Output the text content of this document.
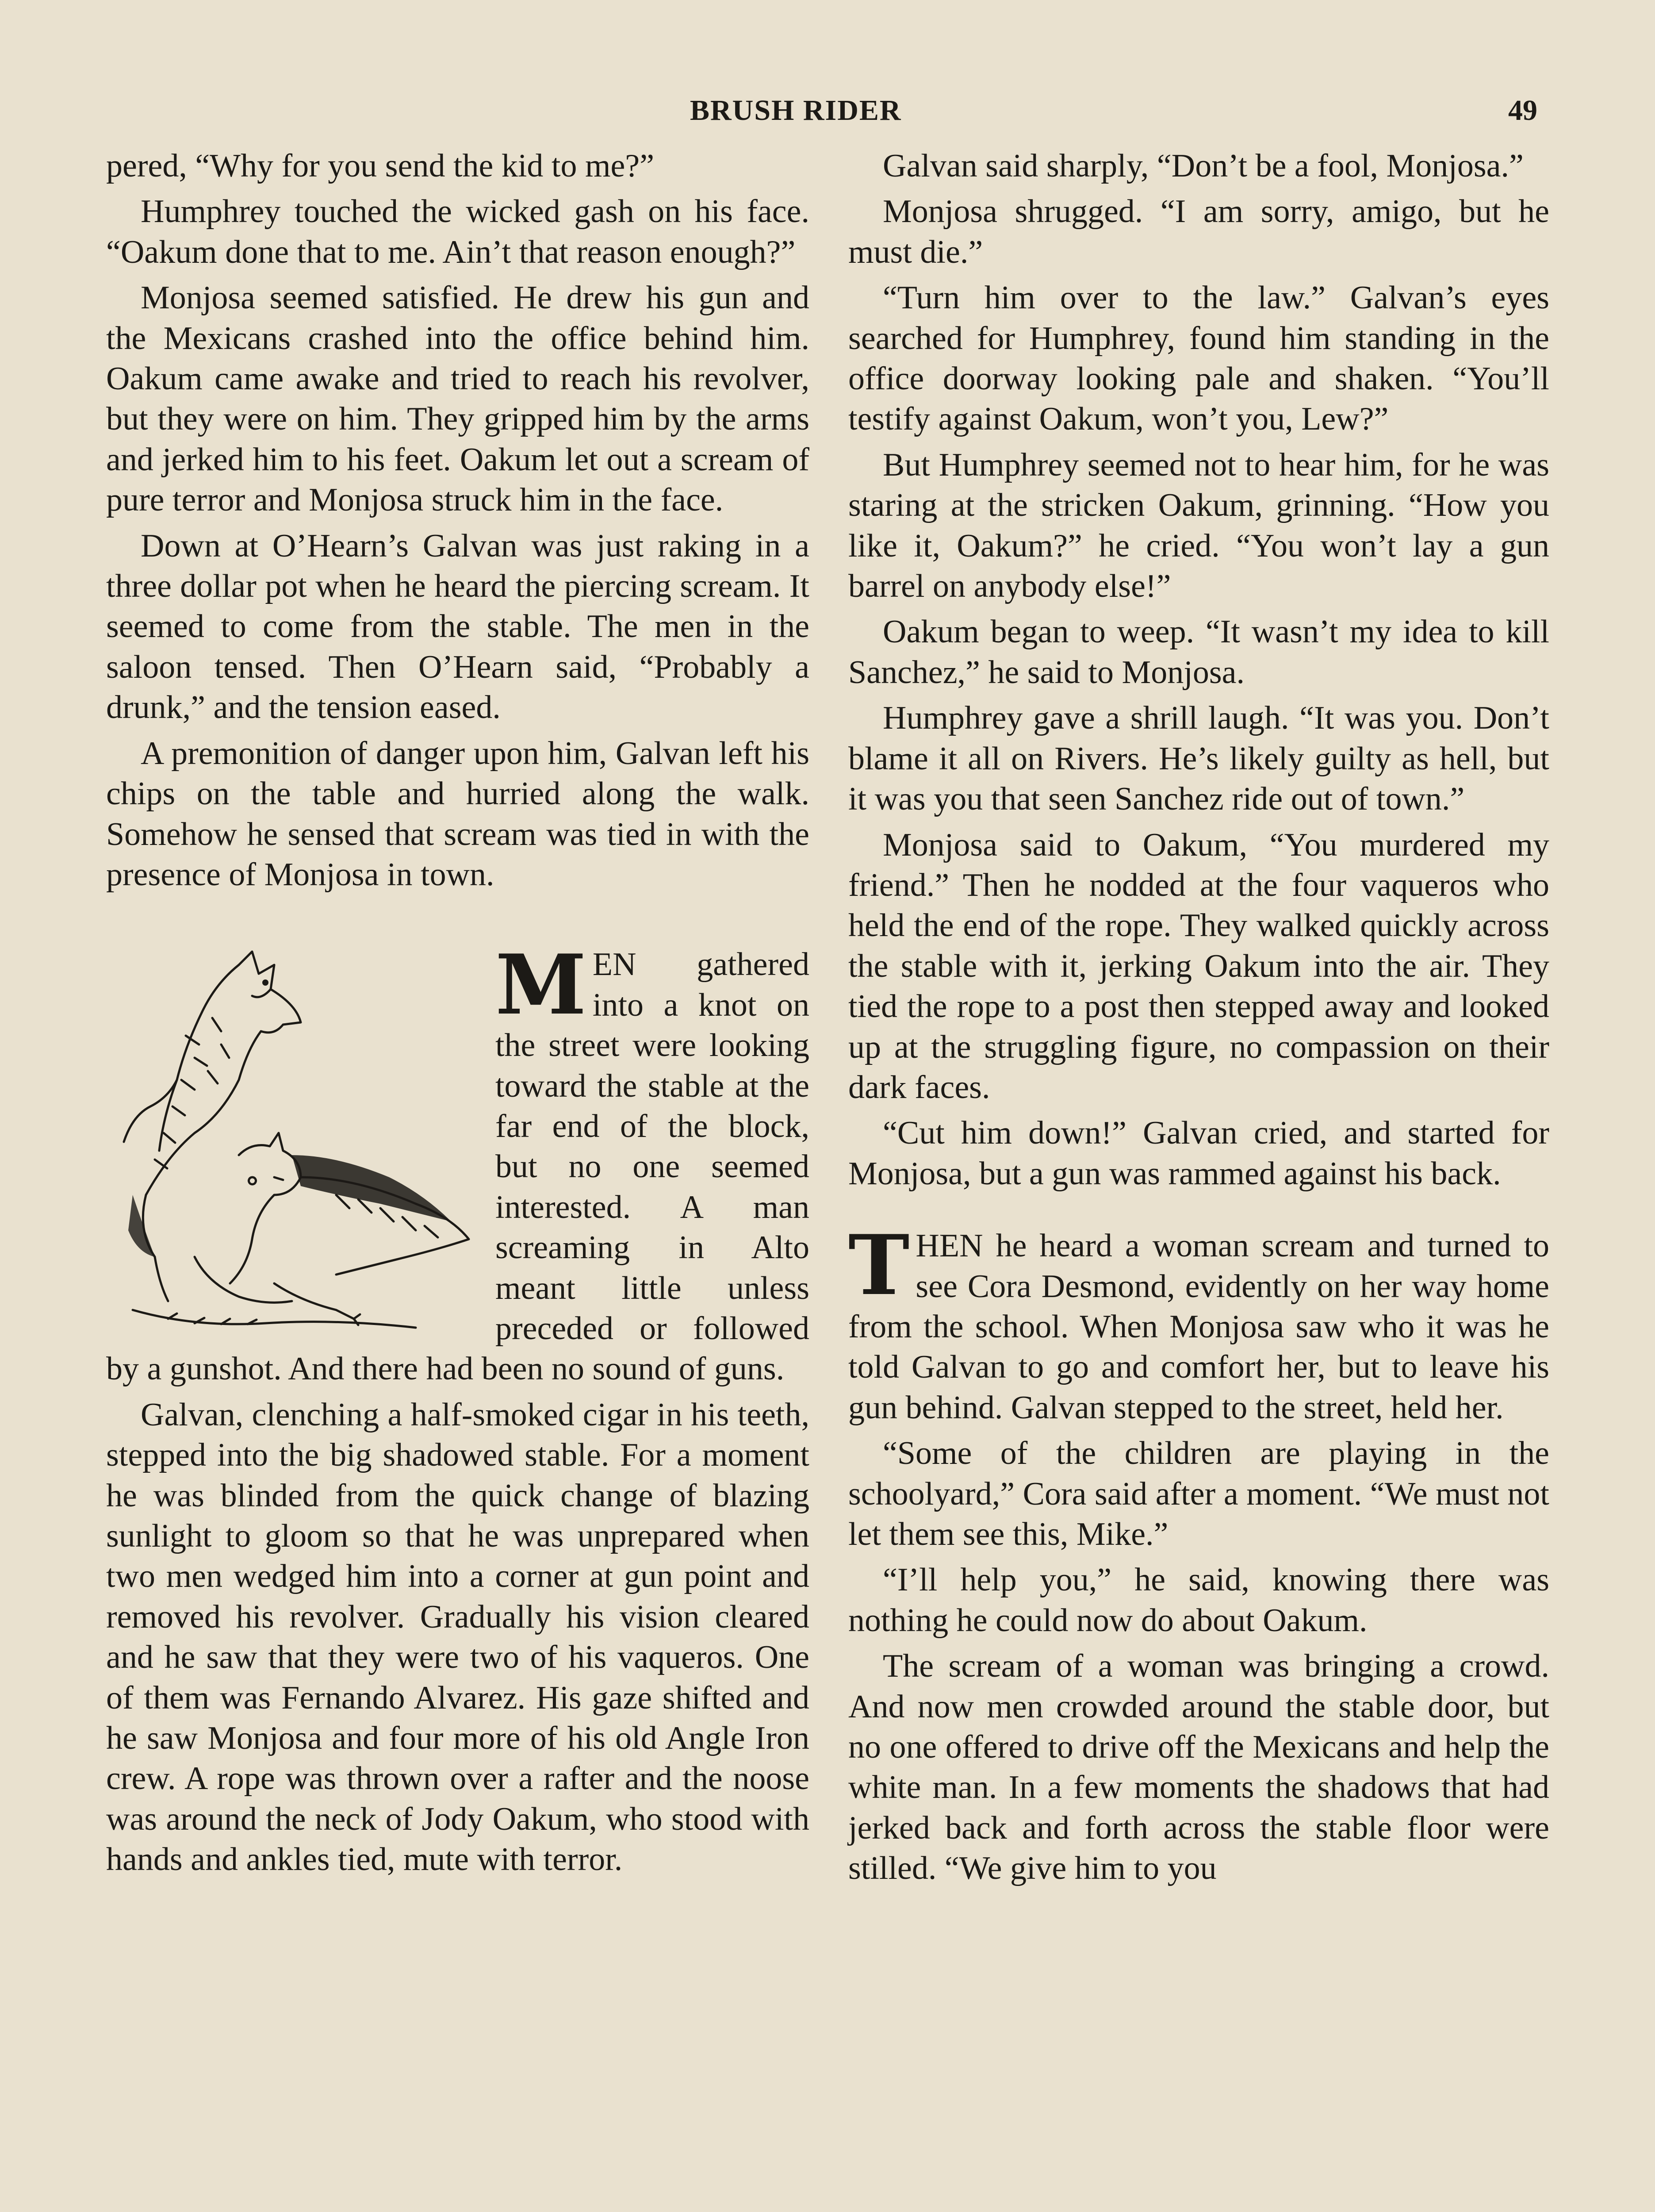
BRUSH RIDER	49

pered, “Why for you send the kid to me?”

Humphrey touched the wicked gash on his face. “Oakum done that to me. Ain’t that reason enough?”

Monjosa seemed satisfied. He drew his gun and the Mexicans crashed into the office behind him. Oakum came awake and tried to reach his revolver, but they were on him. They gripped him by the arms and jerked him to his feet. Oakum let out a scream of pure terror and Monjosa struck him in the face.

Down at O’Hearn’s Galvan was just raking in a three dollar pot when he heard the piercing scream. It seemed to come from the stable. The men in the saloon tensed. Then O’Hearn said, “Probably a drunk,” and the tension eased.

A premonition of danger upon him, Galvan left his chips on the table and hurried along the walk. Somehow he sensed that scream was tied in with the presence of Monjosa in town.

MEN gathered into a knot on the street were looking toward the stable at the far end of the block, but no one seemed interested. A man screaming in Alto meant little unless preceded or followed by a gunshot. And there had been no sound of guns.

Galvan, clenching a half-smoked cigar in his teeth, stepped into the big shadowed stable. For a moment he was blinded from the quick change of blazing sunlight to gloom so that he was unprepared when two men wedged him into a corner at gun point and removed his revolver. Gradually his vision cleared and he saw that they were two of his vaqueros. One of them was Fernando Alvarez. His gaze shifted and he saw Monjosa and four more of his old Angle Iron crew. A rope was thrown over a rafter and the noose was around the neck of Jody Oakum, who stood with hands and ankles tied, mute with terror.

Galvan said sharply, “Don’t be a fool, Monjosa.”

Monjosa shrugged. “I am sorry, amigo, but he must die.”

“Turn him over to the law.” Galvan’s eyes searched for Humphrey, found him standing in the office doorway looking pale and shaken. “You’ll testify against Oakum, won’t you, Lew?”

But Humphrey seemed not to hear him, for he was staring at the stricken Oakum, grinning. “How you like it, Oakum?” he cried. “You won’t lay a gun barrel on anybody else!”

Oakum began to weep. “It wasn’t my idea to kill Sanchez,” he said to Monjosa.

Humphrey gave a shrill laugh. “It was you. Don’t blame it all on Rivers. He’s likely guilty as hell, but it was you that seen Sanchez ride out of town.”

Monjosa said to Oakum, “You murdered my friend.” Then he nodded at the four vaqueros who held the end of the rope. They walked quickly across the stable with it, jerking Oakum into the air. They tied the rope to a post then stepped away and looked up at the struggling figure, no compassion on their dark faces.

“Cut him down!” Galvan cried, and started for Monjosa, but a gun was rammed against his back.

THEN he heard a woman scream and turned to see Cora Desmond, evidently on her way home from the school. When Monjosa saw who it was he told Galvan to go and comfort her, but to leave his gun behind. Galvan stepped to the street, held her.

“Some of the children are playing in the schoolyard,” Cora said after a moment. “We must not let them see this, Mike.”

“I’ll help you,” he said, knowing there was nothing he could now do about Oakum.

The scream of a woman was bringing a crowd. And now men crowded around the stable door, but no one offered to drive off the Mexicans and help the white man. In a few moments the shadows that had jerked back and forth across the stable floor were stilled. “We give him to you
